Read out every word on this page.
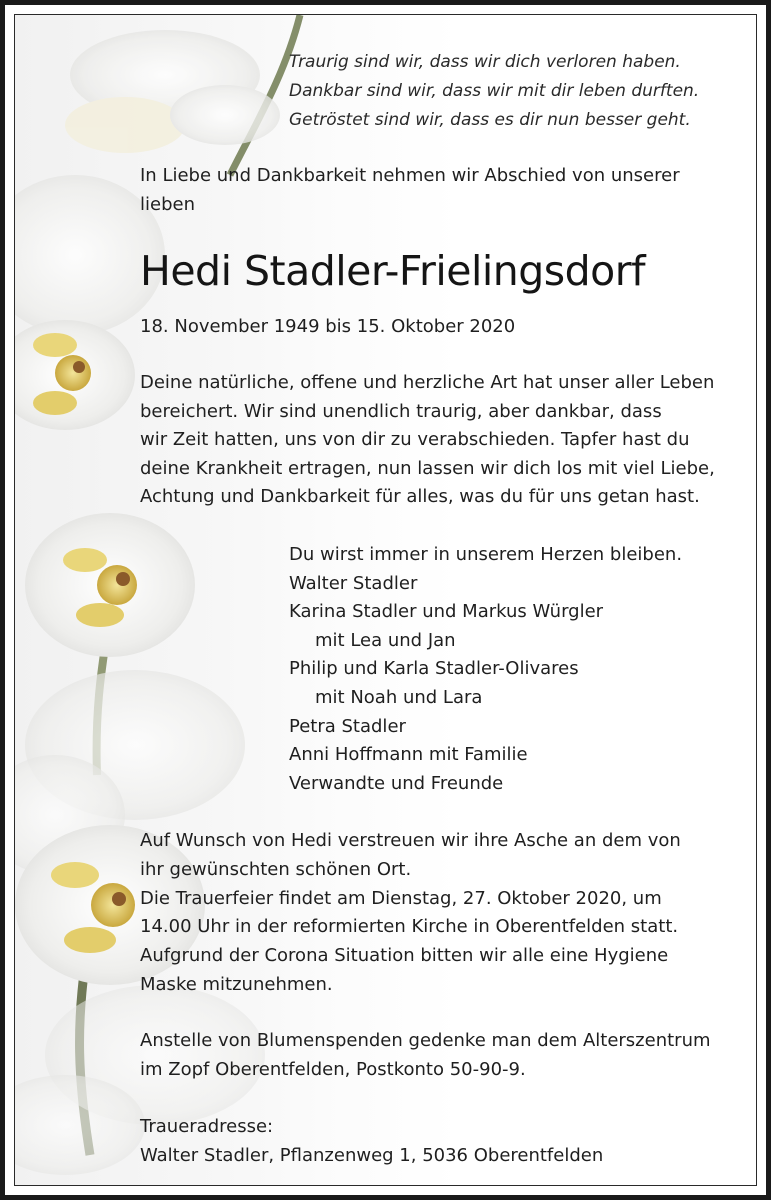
Traurig sind wir, dass wir dich verloren haben.
Dankbar sind wir, dass wir mit dir leben durften.
Getröstet sind wir, dass es dir nun besser geht.
In Liebe und Dankbarkeit nehmen wir Abschied von unserer
lieben
Hedi Stadler-Frielingsdorf
18. November 1949 bis 15. Oktober 2020
Deine natürliche, offene und herzliche Art hat unser aller Leben
bereichert. Wir sind unendlich traurig, aber dankbar, dass
wir Zeit hatten, uns von dir zu verabschieden. Tapfer hast du
deine Krankheit ertragen, nun lassen wir dich los mit viel Liebe,
Achtung und Dankbarkeit für alles, was du für uns getan hast.
Du wirst immer in unserem Herzen bleiben.
Walter Stadler
Karina Stadler und Markus Würgler
mit Lea und Jan
Philip und Karla Stadler-Olivares
mit Noah und Lara
Petra Stadler
Anni Hoffmann mit Familie
Verwandte und Freunde
Auf Wunsch von Hedi verstreuen wir ihre Asche an dem von
ihr gewünschten schönen Ort.
Die Trauerfeier findet am Dienstag, 27. Oktober 2020, um
14.00 Uhr in der reformierten Kirche in Oberentfelden statt.
Aufgrund der Corona Situation bitten wir alle eine Hygiene
Maske mitzunehmen.
Anstelle von Blumenspenden gedenke man dem Alterszentrum
im Zopf Oberentfelden, Postkonto 50-90-9.
Traueradresse:
Walter Stadler, Pflanzenweg 1, 5036 Oberentfelden
